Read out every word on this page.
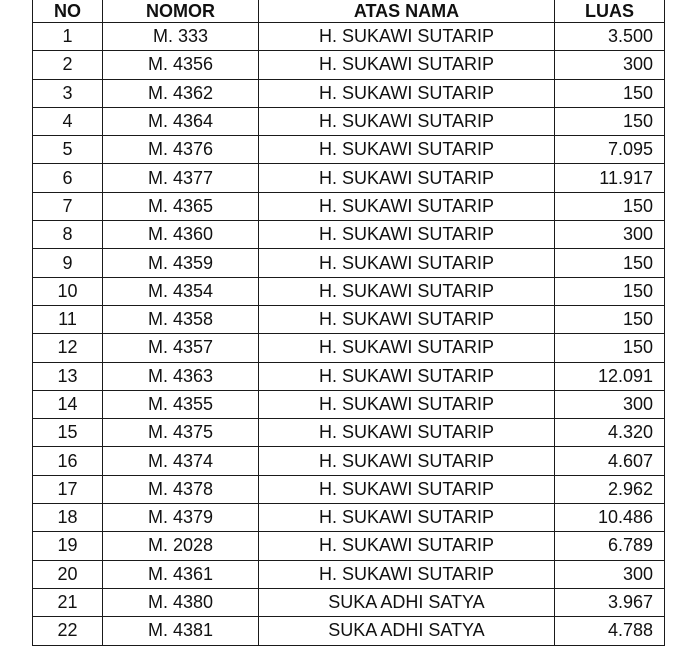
NO	NOMOR	ATAS NAMA	LUAS
1	M. 333	H. SUKAWI SUTARIP	3.500
2	M. 4356	H. SUKAWI SUTARIP	300
3	M. 4362	H. SUKAWI SUTARIP	150
4	M. 4364	H. SUKAWI SUTARIP	150
5	M. 4376	H. SUKAWI SUTARIP	7.095
6	M. 4377	H. SUKAWI SUTARIP	11.917
7	M. 4365	H. SUKAWI SUTARIP	150
8	M. 4360	H. SUKAWI SUTARIP	300
9	M. 4359	H. SUKAWI SUTARIP	150
10	M. 4354	H. SUKAWI SUTARIP	150
11	M. 4358	H. SUKAWI SUTARIP	150
12	M. 4357	H. SUKAWI SUTARIP	150
13	M. 4363	H. SUKAWI SUTARIP	12.091
14	M. 4355	H. SUKAWI SUTARIP	300
15	M. 4375	H. SUKAWI SUTARIP	4.320
16	M. 4374	H. SUKAWI SUTARIP	4.607
17	M. 4378	H. SUKAWI SUTARIP	2.962
18	M. 4379	H. SUKAWI SUTARIP	10.486
19	M. 2028	H. SUKAWI SUTARIP	6.789
20	M. 4361	H. SUKAWI SUTARIP	300
21	M. 4380	SUKA ADHI SATYA	3.967
22	M. 4381	SUKA ADHI SATYA	4.788
